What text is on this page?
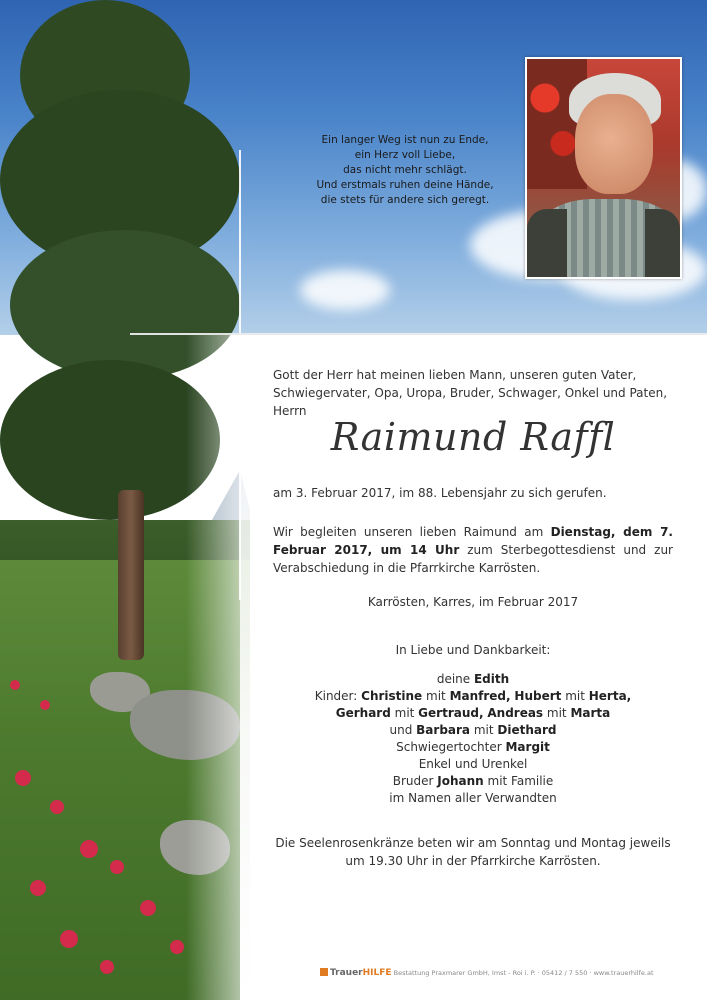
Ein langer Weg ist nun zu Ende,
ein Herz voll Liebe,
das nicht mehr schlägt.
Und erstmals ruhen deine Hände,
die stets für andere sich geregt.
Gott der Herr hat meinen lieben Mann, unseren guten Vater, Schwiegervater, Opa, Uropa, Bruder, Schwager, Onkel und Paten, Herrn
Raimund Raffl
am 3. Februar 2017, im 88. Lebensjahr zu sich gerufen.
Wir begleiten unseren lieben Raimund am Dienstag, dem 7. Februar 2017, um 14 Uhr zum Sterbegottesdienst und zur Verabschiedung in die Pfarrkirche Karrösten.
Karrösten, Karres, im Februar 2017
In Liebe und Dankbarkeit:
deine Edith
Kinder: Christine mit Manfred, Hubert mit Herta,
Gerhard mit Gertraud, Andreas mit Marta
und Barbara mit Diethard
Schwiegertochter Margit
Enkel und Urenkel
Bruder Johann mit Familie
im Namen aller Verwandten
Die Seelenrosenkränze beten wir am Sonntag und Montag jeweils um 19.30 Uhr in der Pfarrkirche Karrösten.
TrauerHILFE Bestattung Praxmarer GmbH, Imst - Roi i. P. · 05412 / 7 550 · www.trauerhilfe.at
